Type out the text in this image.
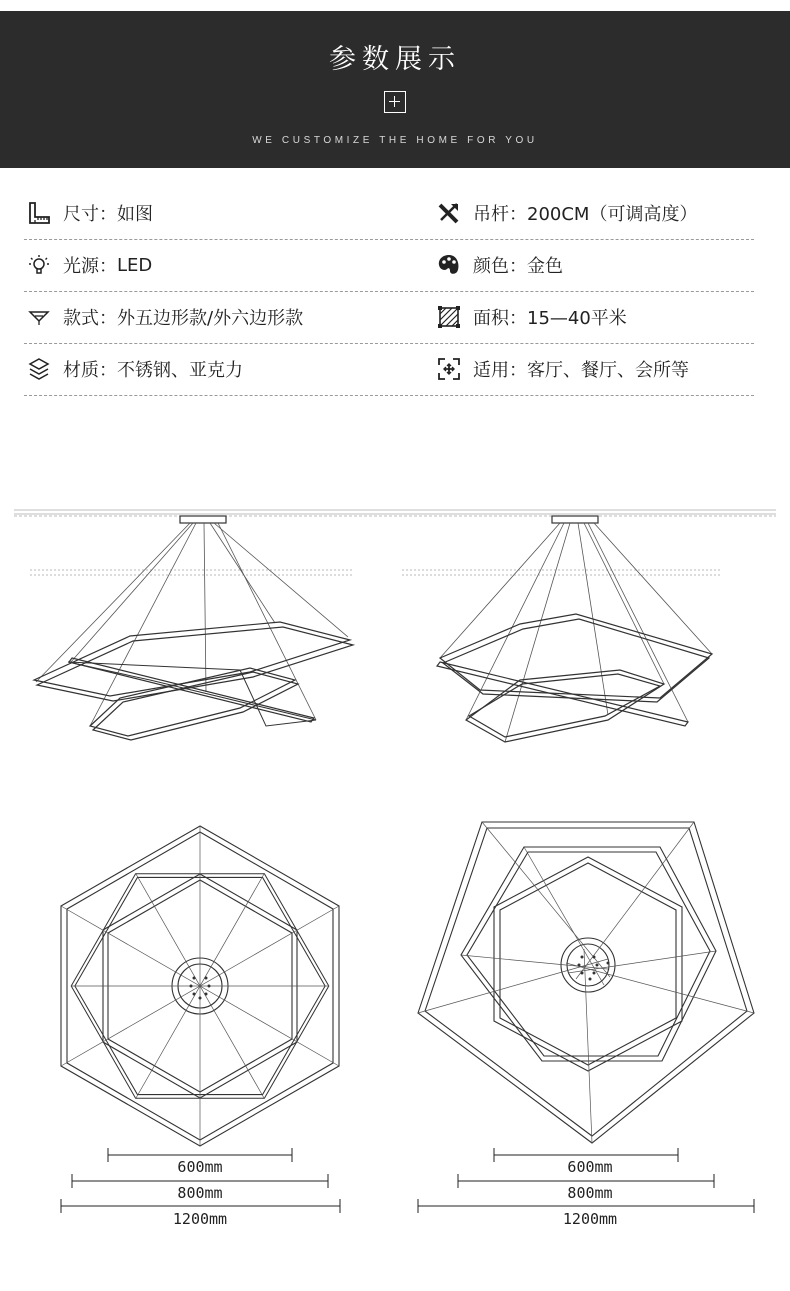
参数展示
WE CUSTOMIZE THE HOME FOR YOU
尺寸： 如图	吊杆： 200CM（可调高度）
光源： LED	颜色： 金色
款式： 外五边形款/外六边形款	面积： 15—40平米
材质： 不锈钢、亚克力	适用： 客厅、餐厅、会所等
600mm
800mm
1200mm
600mm
800mm
1200mm
